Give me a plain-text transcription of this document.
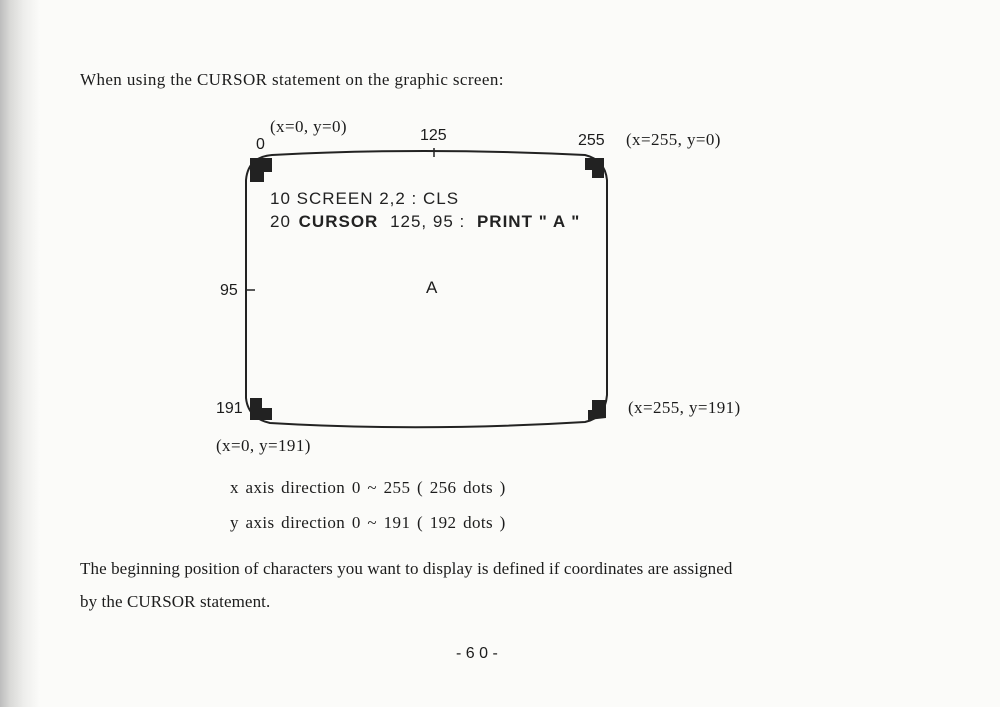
When using the CURSOR statement on the graphic screen:
(x=0, y=0)
0
125	255 (x=255, y=0)
95
191	(x=255, y=191)
(x=0, y=191)
10 SCREEN 2,2 : CLS
20 CURSOR 125, 95 : PRINT " A "
A
x axis direction 0 ~ 255 ( 256 dots )
y axis direction 0 ~ 191 ( 192 dots )
The beginning position of characters you want to display is defined if coordinates are assigned
by the CURSOR statement.
- 6 0 -
